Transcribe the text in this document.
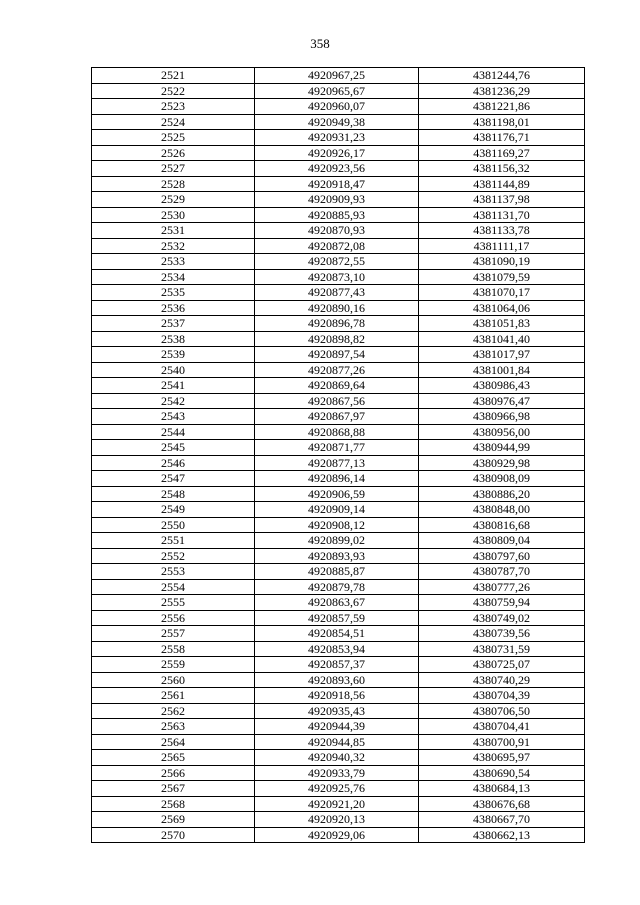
358
2521	4920967,25	4381244,76
2522	4920965,67	4381236,29
2523	4920960,07	4381221,86
2524	4920949,38	4381198,01
2525	4920931,23	4381176,71
2526	4920926,17	4381169,27
2527	4920923,56	4381156,32
2528	4920918,47	4381144,89
2529	4920909,93	4381137,98
2530	4920885,93	4381131,70
2531	4920870,93	4381133,78
2532	4920872,08	4381111,17
2533	4920872,55	4381090,19
2534	4920873,10	4381079,59
2535	4920877,43	4381070,17
2536	4920890,16	4381064,06
2537	4920896,78	4381051,83
2538	4920898,82	4381041,40
2539	4920897,54	4381017,97
2540	4920877,26	4381001,84
2541	4920869,64	4380986,43
2542	4920867,56	4380976,47
2543	4920867,97	4380966,98
2544	4920868,88	4380956,00
2545	4920871,77	4380944,99
2546	4920877,13	4380929,98
2547	4920896,14	4380908,09
2548	4920906,59	4380886,20
2549	4920909,14	4380848,00
2550	4920908,12	4380816,68
2551	4920899,02	4380809,04
2552	4920893,93	4380797,60
2553	4920885,87	4380787,70
2554	4920879,78	4380777,26
2555	4920863,67	4380759,94
2556	4920857,59	4380749,02
2557	4920854,51	4380739,56
2558	4920853,94	4380731,59
2559	4920857,37	4380725,07
2560	4920893,60	4380740,29
2561	4920918,56	4380704,39
2562	4920935,43	4380706,50
2563	4920944,39	4380704,41
2564	4920944,85	4380700,91
2565	4920940,32	4380695,97
2566	4920933,79	4380690,54
2567	4920925,76	4380684,13
2568	4920921,20	4380676,68
2569	4920920,13	4380667,70
2570	4920929,06	4380662,13
